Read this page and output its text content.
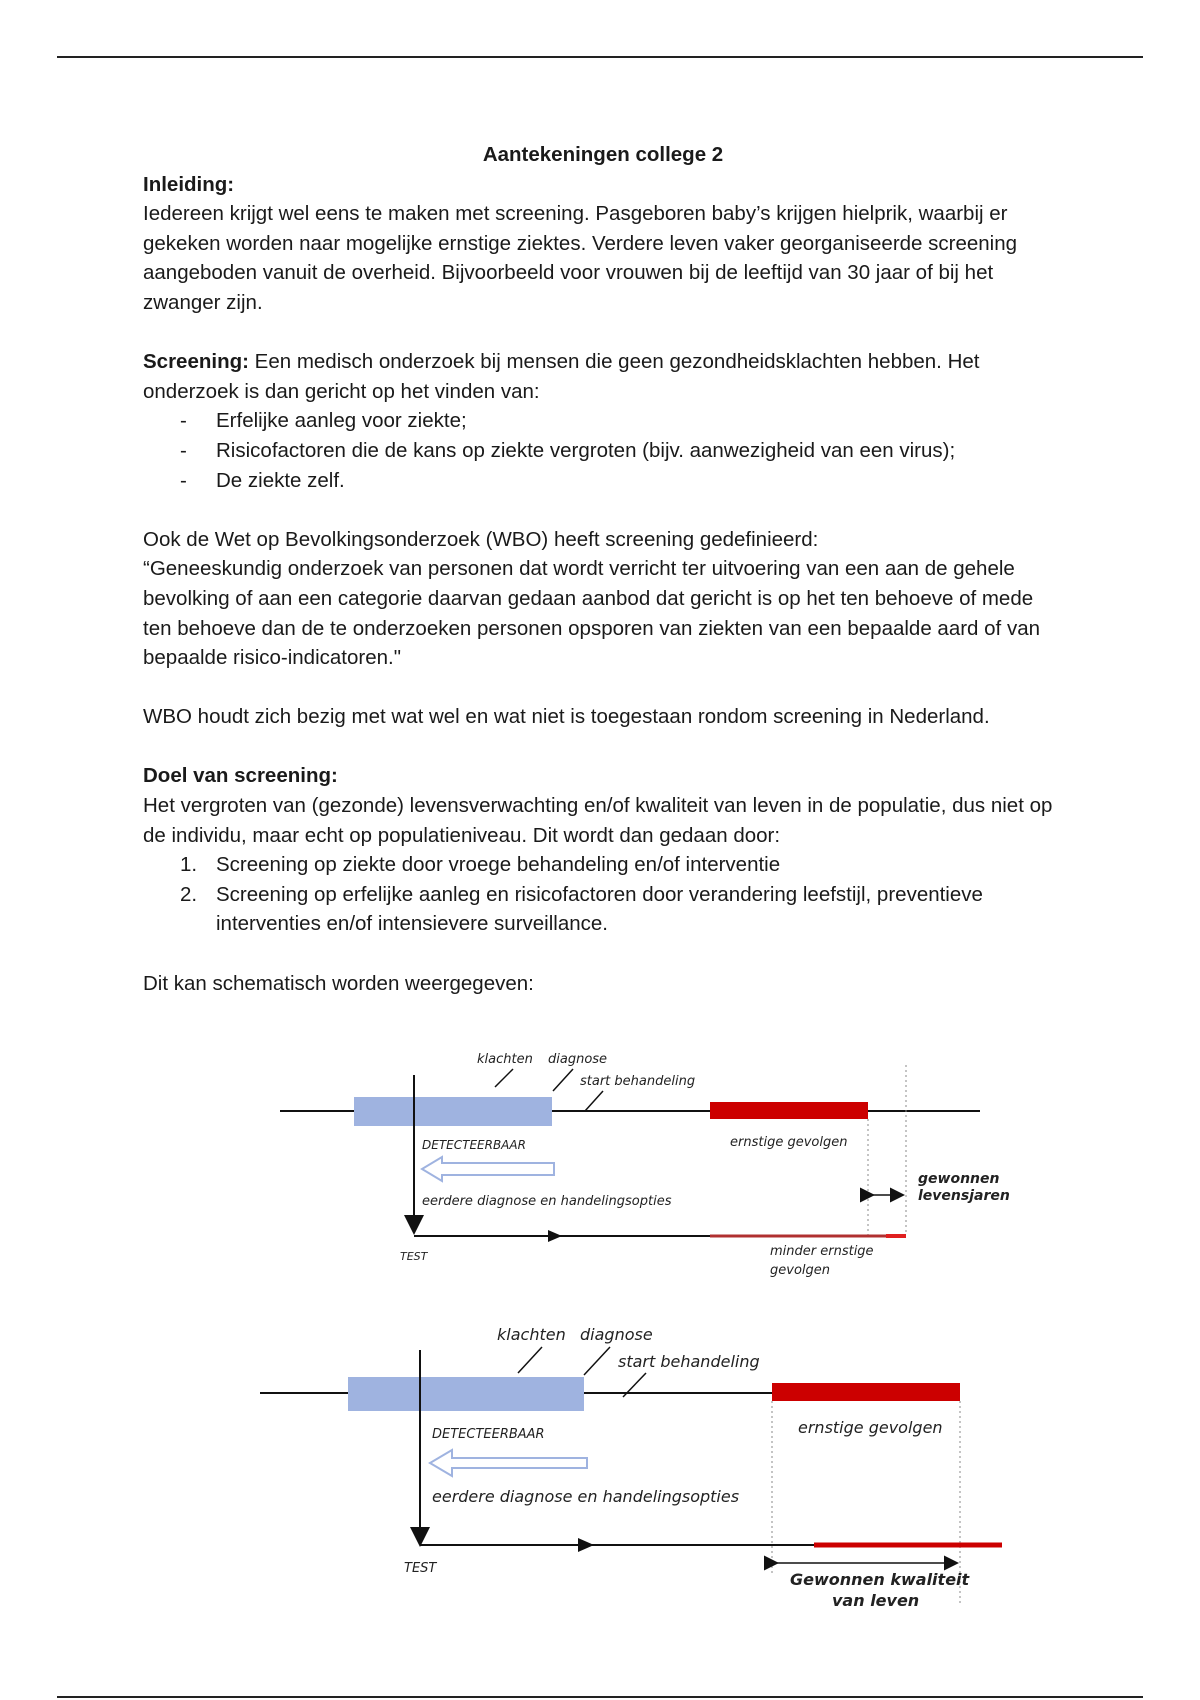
Aantekeningen college 2

Inleiding:

Iedereen krijgt wel eens te maken met screening. Pasgeboren baby’s krijgen hielprik, waarbij er gekeken worden naar mogelijke ernstige ziektes. Verdere leven vaker georganiseerde screening aangeboden vanuit de overheid. Bijvoorbeeld voor vrouwen bij de leeftijd van 30 jaar of bij het zwanger zijn.

Screening: Een medisch onderzoek bij mensen die geen gezondheidsklachten hebben. Het onderzoek is dan gericht op het vinden van:

- Erfelijke aanleg voor ziekte;
- Risicofactoren die de kans op ziekte vergroten (bijv. aanwezigheid van een virus);
- De ziekte zelf.

Ook de Wet op Bevolkingsonderzoek (WBO) heeft screening gedefinieerd:

“Geneeskundig onderzoek van personen dat wordt verricht ter uitvoering van een aan de gehele bevolking of aan een categorie daarvan gedaan aanbod dat gericht is op het ten behoeve of mede ten behoeve dan de te onderzoeken personen opsporen van ziekten van een bepaalde aard of van bepaalde risico-indicatoren."

WBO houdt zich bezig met wat wel en wat niet is toegestaan rondom screening in Nederland.

Doel van screening:

Het vergroten van (gezonde) levensverwachting en/of kwaliteit van leven in de populatie, dus niet op de individu, maar echt op populatieniveau. Dit wordt dan gedaan door:

1. Screening op ziekte door vroege behandeling en/of interventie
2. Screening op erfelijke aanleg en risicofactoren door verandering leefstijl, preventieve interventies en/of intensievere surveillance.

Dit kan schematisch worden weergegeven:

klachten diagnose
start behandeling
DETECTEERBAAR	ernstige gevolgen
eerdere diagnose en handelingsopties
gewonnen
levensjaren
TEST	minder ernstige
gevolgen
klachten diagnose
start behandeling
DETECTEERBAAR	ernstige gevolgen
eerdere diagnose en handelingsopties
TEST
Gewonnen kwaliteit
van leven
